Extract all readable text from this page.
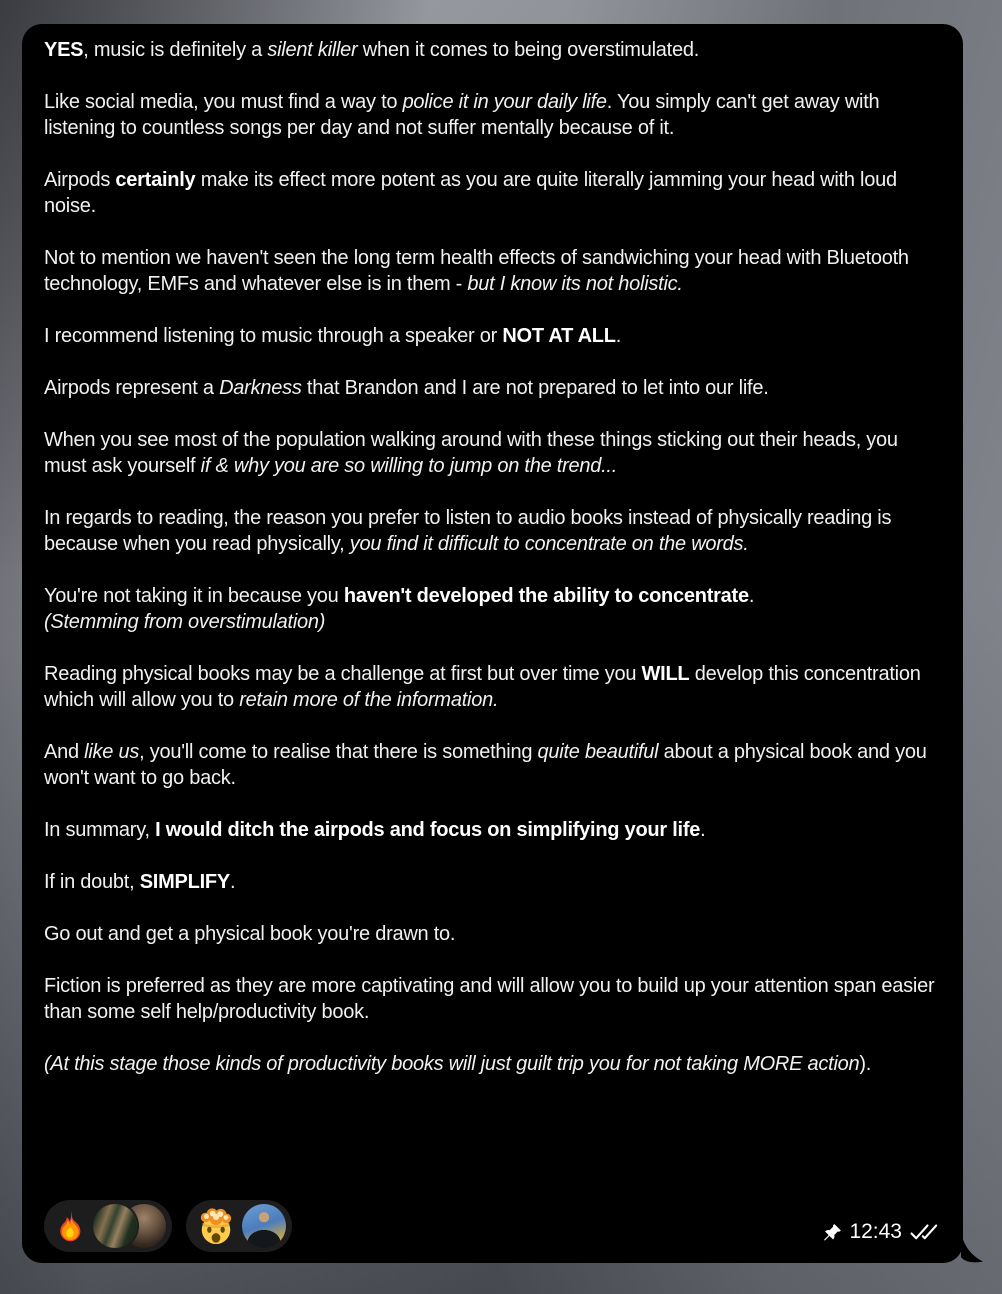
YES, music is definitely a silent killer when it comes to being overstimulated.

Like social media, you must find a way to police it in your daily life. You simply can't get away with listening to countless songs per day and not suffer mentally because of it.

Airpods certainly make its effect more potent as you are quite literally jamming your head with loud noise.

Not to mention we haven't seen the long term health effects of sandwiching your head with Bluetooth technology, EMFs and whatever else is in them - but I know its not holistic.

I recommend listening to music through a speaker or NOT AT ALL.

Airpods represent a Darkness that Brandon and I are not prepared to let into our life.

When you see most of the population walking around with these things sticking out their heads, you must ask yourself if & why you are so willing to jump on the trend...

In regards to reading, the reason you prefer to listen to audio books instead of physically reading is because when you read physically, you find it difficult to concentrate on the words.

You're not taking it in because you haven't developed the ability to concentrate.
(Stemming from overstimulation)

Reading physical books may be a challenge at first but over time you WILL develop this concentration which will allow you to retain more of the information.

And like us, you'll come to realise that there is something quite beautiful about a physical book and you won't want to go back.

In summary, I would ditch the airpods and focus on simplifying your life.

If in doubt, SIMPLIFY.

Go out and get a physical book you're drawn to.

Fiction is preferred as they are more captivating and will allow you to build up your attention span easier than some self help/productivity book.

(At this stage those kinds of productivity books will just guilt trip you for not taking MORE action).

12:43
